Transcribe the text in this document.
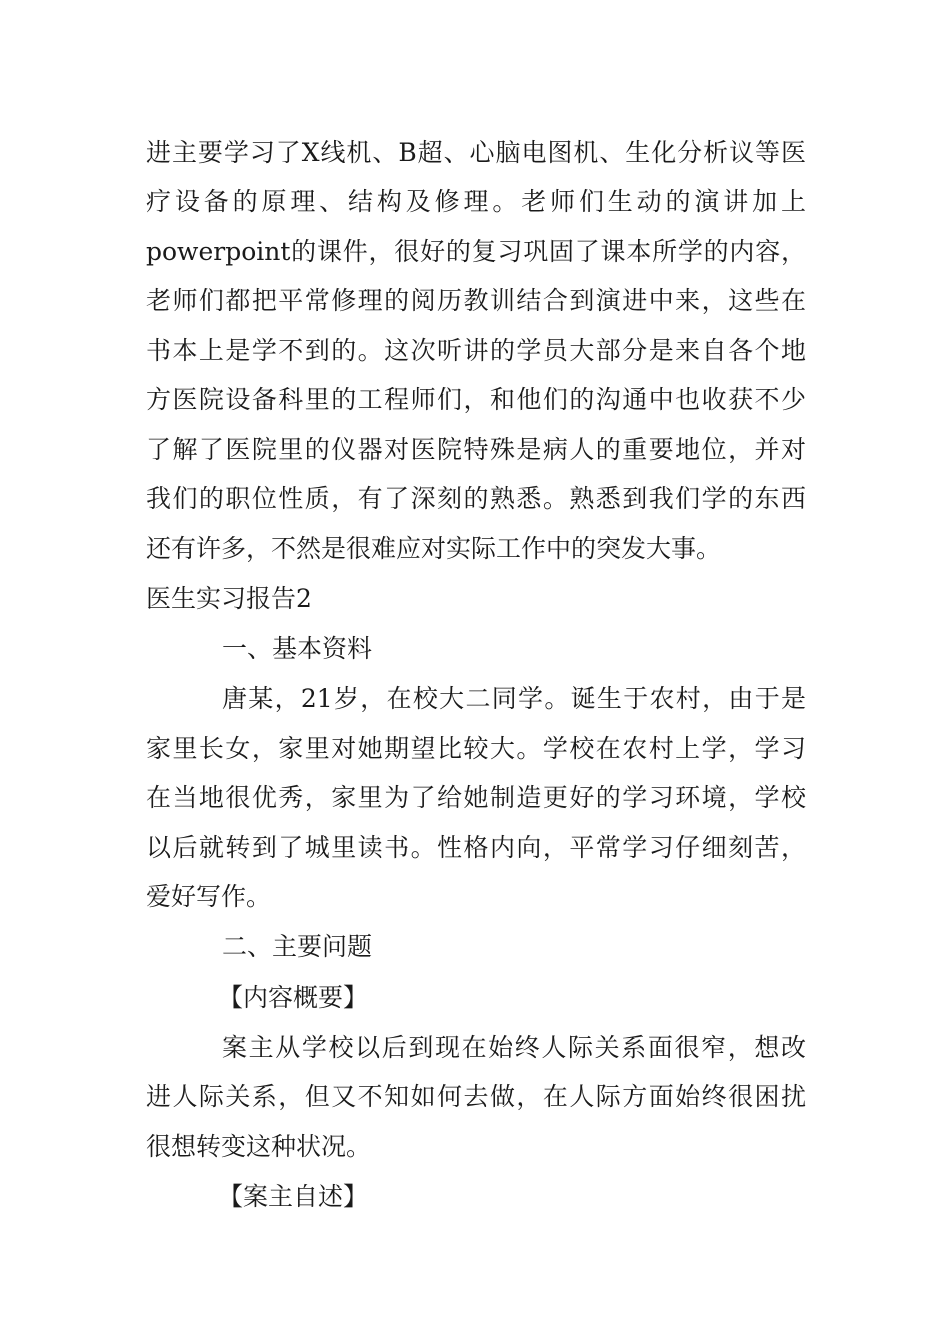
进主要学习了X线机、B超、心脑电图机、生化分析议等医
疗设备的原理、结构及修理。老师们生动的演讲加上
powerpoint的课件，很好的复习巩固了课本所学的内容，
老师们都把平常修理的阅历教训结合到演进中来，这些在
书本上是学不到的。这次听讲的学员大部分是来自各个地
方医院设备科里的工程师们，和他们的沟通中也收获不少
了解了医院里的仪器对医院特殊是病人的重要地位，并对
我们的职位性质，有了深刻的熟悉。熟悉到我们学的东西
还有许多，不然是很难应对实际工作中的突发大事。
医生实习报告2
一、基本资料
唐某，21岁，在校大二同学。诞生于农村，由于是
家里长女，家里对她期望比较大。学校在农村上学，学习
在当地很优秀，家里为了给她制造更好的学习环境，学校
以后就转到了城里读书。性格内向，平常学习仔细刻苦，
爱好写作。
二、主要问题
【内容概要】
案主从学校以后到现在始终人际关系面很窄，想改
进人际关系，但又不知如何去做，在人际方面始终很困扰
很想转变这种状况。
【案主自述】
